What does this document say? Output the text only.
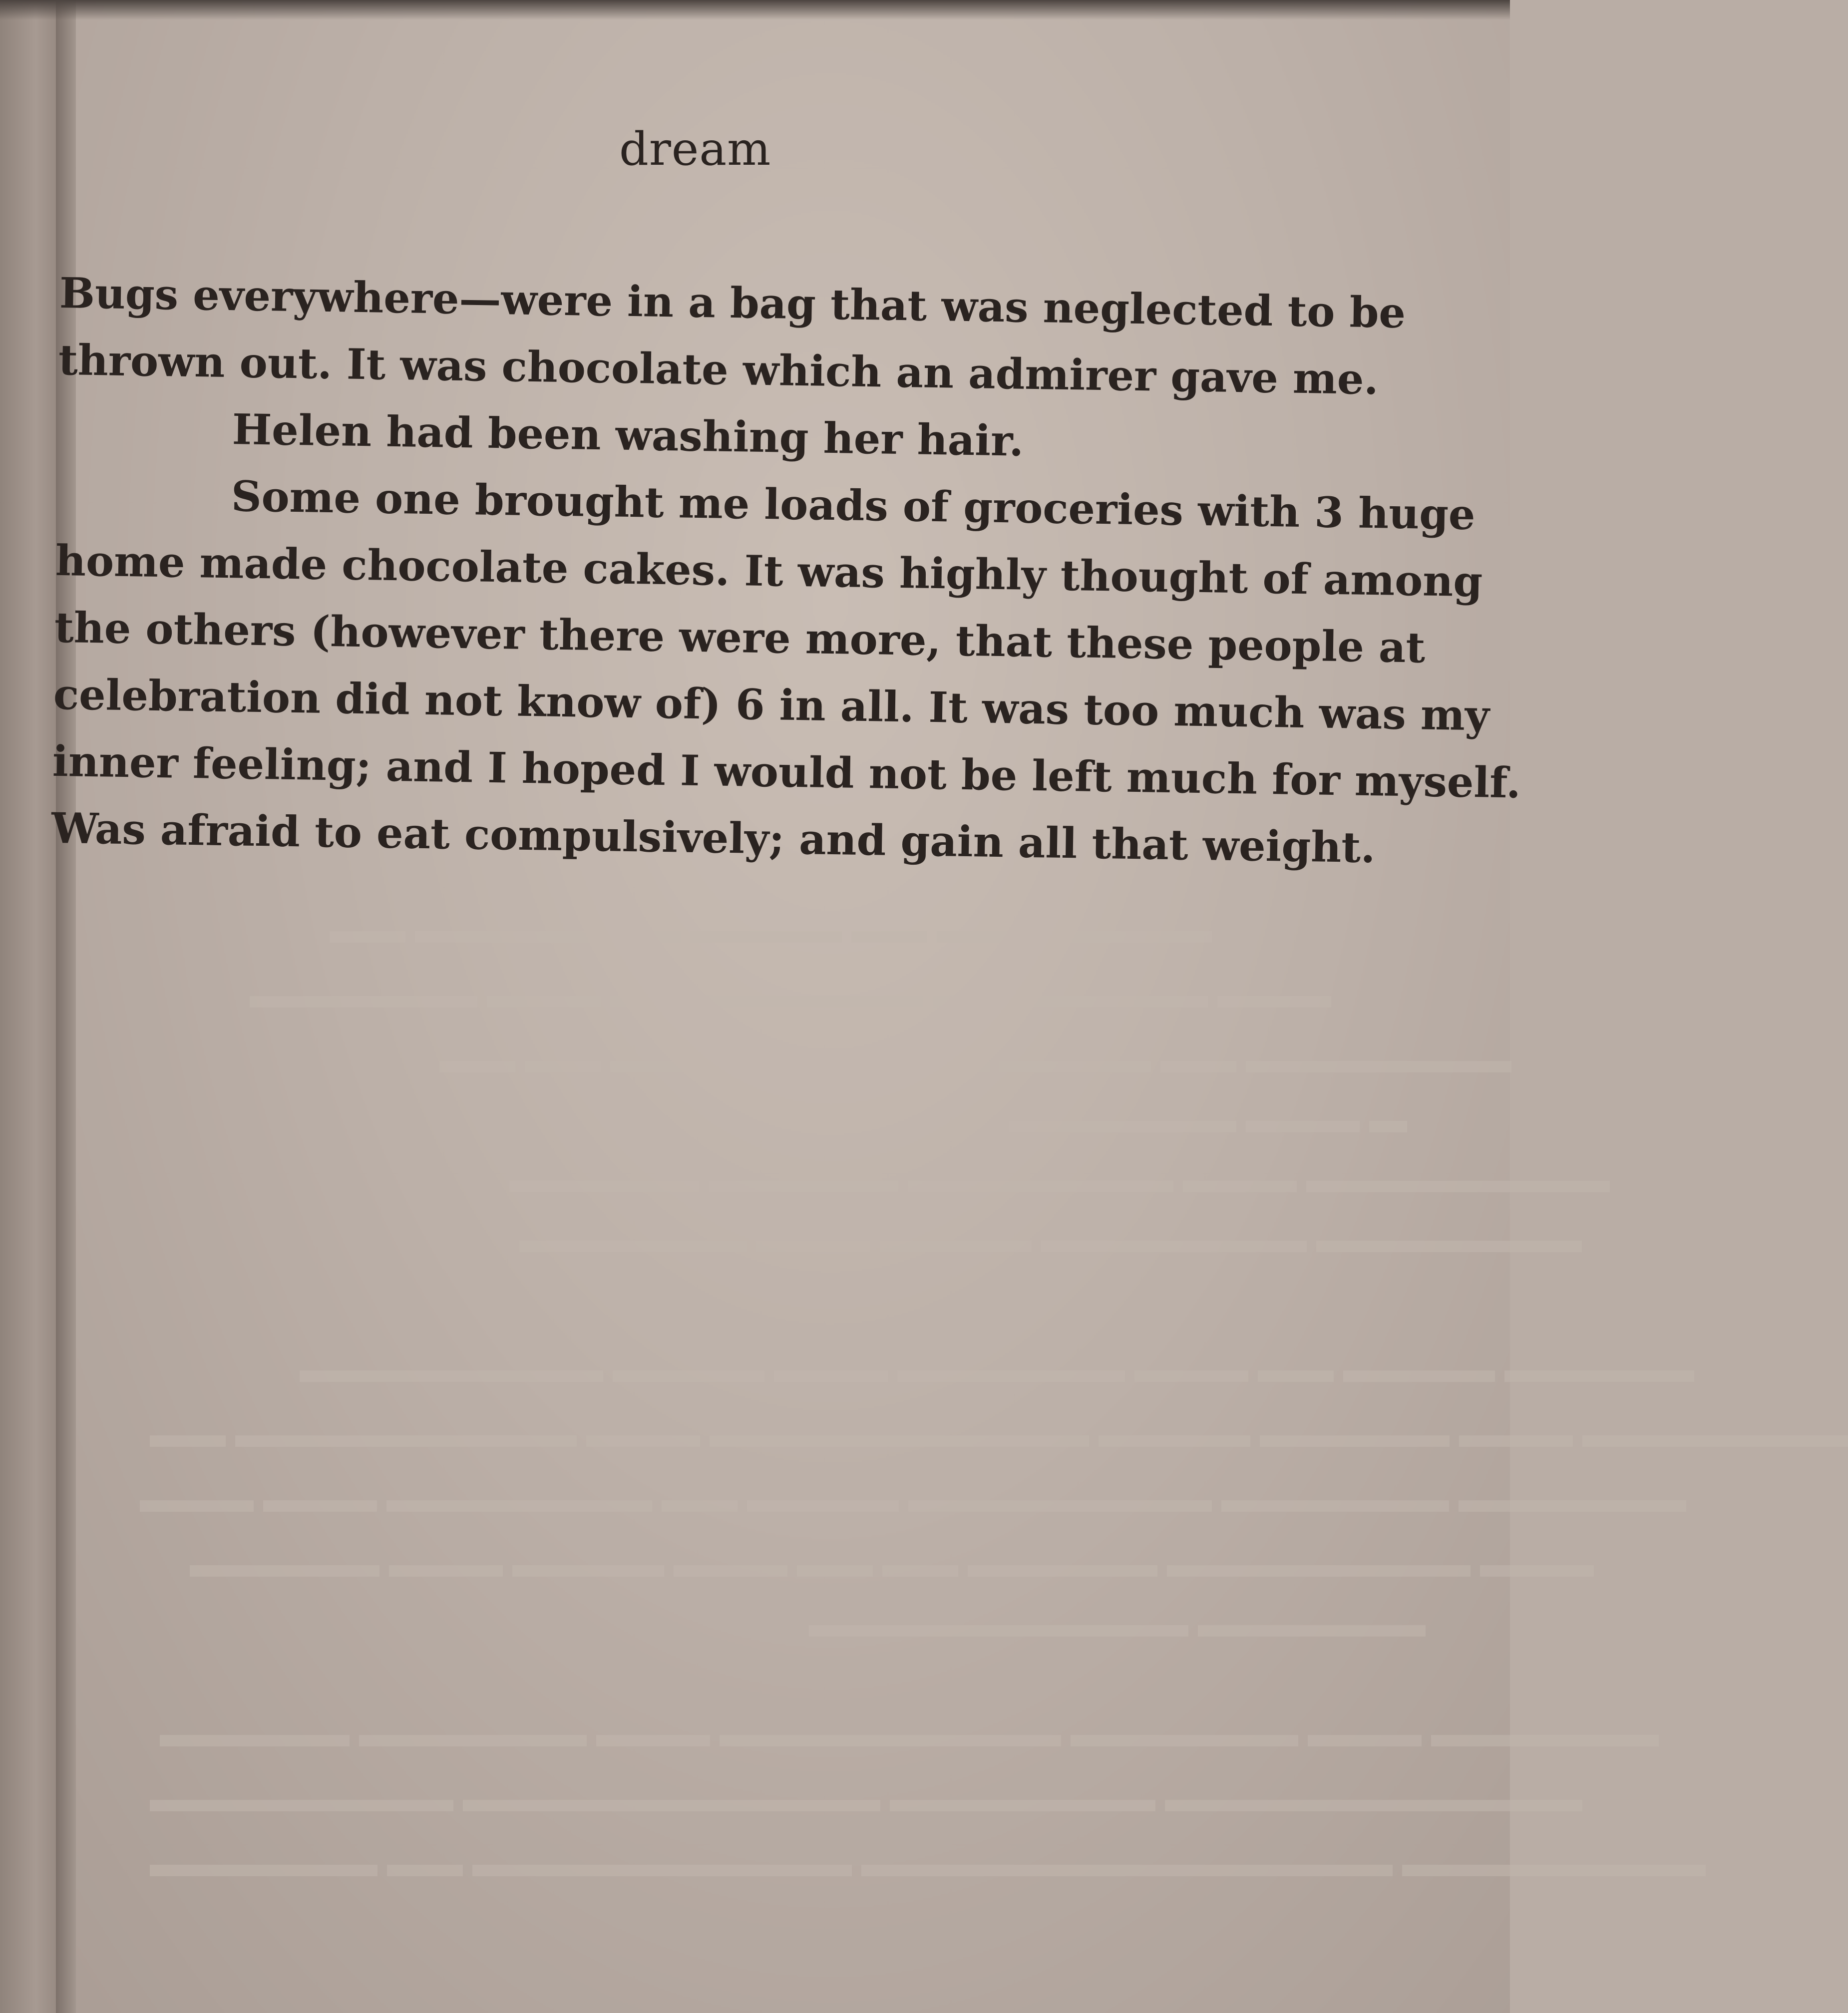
▬▬▬▬ ▬▬▬ ▬▬ ▬▬▬▬ ▬▬▬▬▬▬▬ ▬▬
▬▬▬ ▬▬▬▬▬ ▬▬ ▬▬▬▬▬▬ ▬▬ ▬▬▬ ▬▬▬▬▬▬
▬▬▬▬▬▬▬ ▬▬ ▬▬▬▬ ▬▬▬▬▬▬▬▬▬▬ ▬▬ ▬▬
▬ ▬▬▬ ▬▬▬▬▬▬
▬▬▬▬▬▬▬▬ ▬▬▬ ▬▬▬▬▬▬▬ ▬▬▬▬▬ ▬▬▬▬▬
▬▬▬▬▬▬▬ ▬▬▬▬▬▬▬ ▬▬▬▬ ▬▬▬ ▬▬▬▬▬▬
▬▬▬▬▬ ▬▬▬▬ ▬▬ ▬▬▬ ▬▬▬▬▬▬ ▬▬▬ ▬▬▬▬ ▬▬▬▬▬▬▬▬
▬▬▬▬▬▬▬ ▬▬▬ ▬▬▬▬▬ ▬▬▬▬ ▬▬▬▬▬▬▬▬▬▬ ▬▬▬ ▬▬▬▬▬▬▬▬▬ ▬▬
▬▬▬▬▬▬ ▬▬▬▬▬▬ ▬▬▬▬▬▬▬▬ ▬▬▬▬ ▬▬ ▬▬▬▬▬▬▬ ▬▬▬ ▬▬▬
▬▬▬ ▬▬▬▬▬▬▬▬ ▬▬▬▬▬ ▬▬ ▬▬ ▬▬▬ ▬▬▬▬ ▬▬▬ ▬▬▬▬▬
▬▬▬▬▬▬ ▬▬▬▬▬▬▬▬▬▬
▬▬▬▬▬▬ ▬▬▬ ▬▬▬▬▬▬ ▬▬▬▬▬▬▬▬▬ ▬▬▬ ▬▬▬▬▬▬ ▬▬▬▬▬
▬▬▬▬▬▬▬▬▬▬▬ ▬▬▬▬▬▬▬ ▬▬▬▬▬▬▬▬▬▬▬ ▬▬▬▬▬▬▬▬
▬▬▬▬▬▬▬▬ ▬▬▬▬▬▬▬▬▬▬▬▬▬▬ ▬▬▬▬▬▬▬▬▬▬ ▬▬ ▬▬▬▬▬▬
dream
Bugs everywhere—were in a bag that was neglected to be
thrown out. It was chocolate which an admirer gave me.
Helen had been washing her hair.
Some one brought me loads of groceries with 3 huge
home made chocolate cakes. It was highly thought of among
the others (however there were more, that these people at
celebration did not know of) 6 in all. It was too much was my
inner feeling; and I hoped I would not be left much for myself.
Was afraid to eat compulsively; and gain all that weight.
